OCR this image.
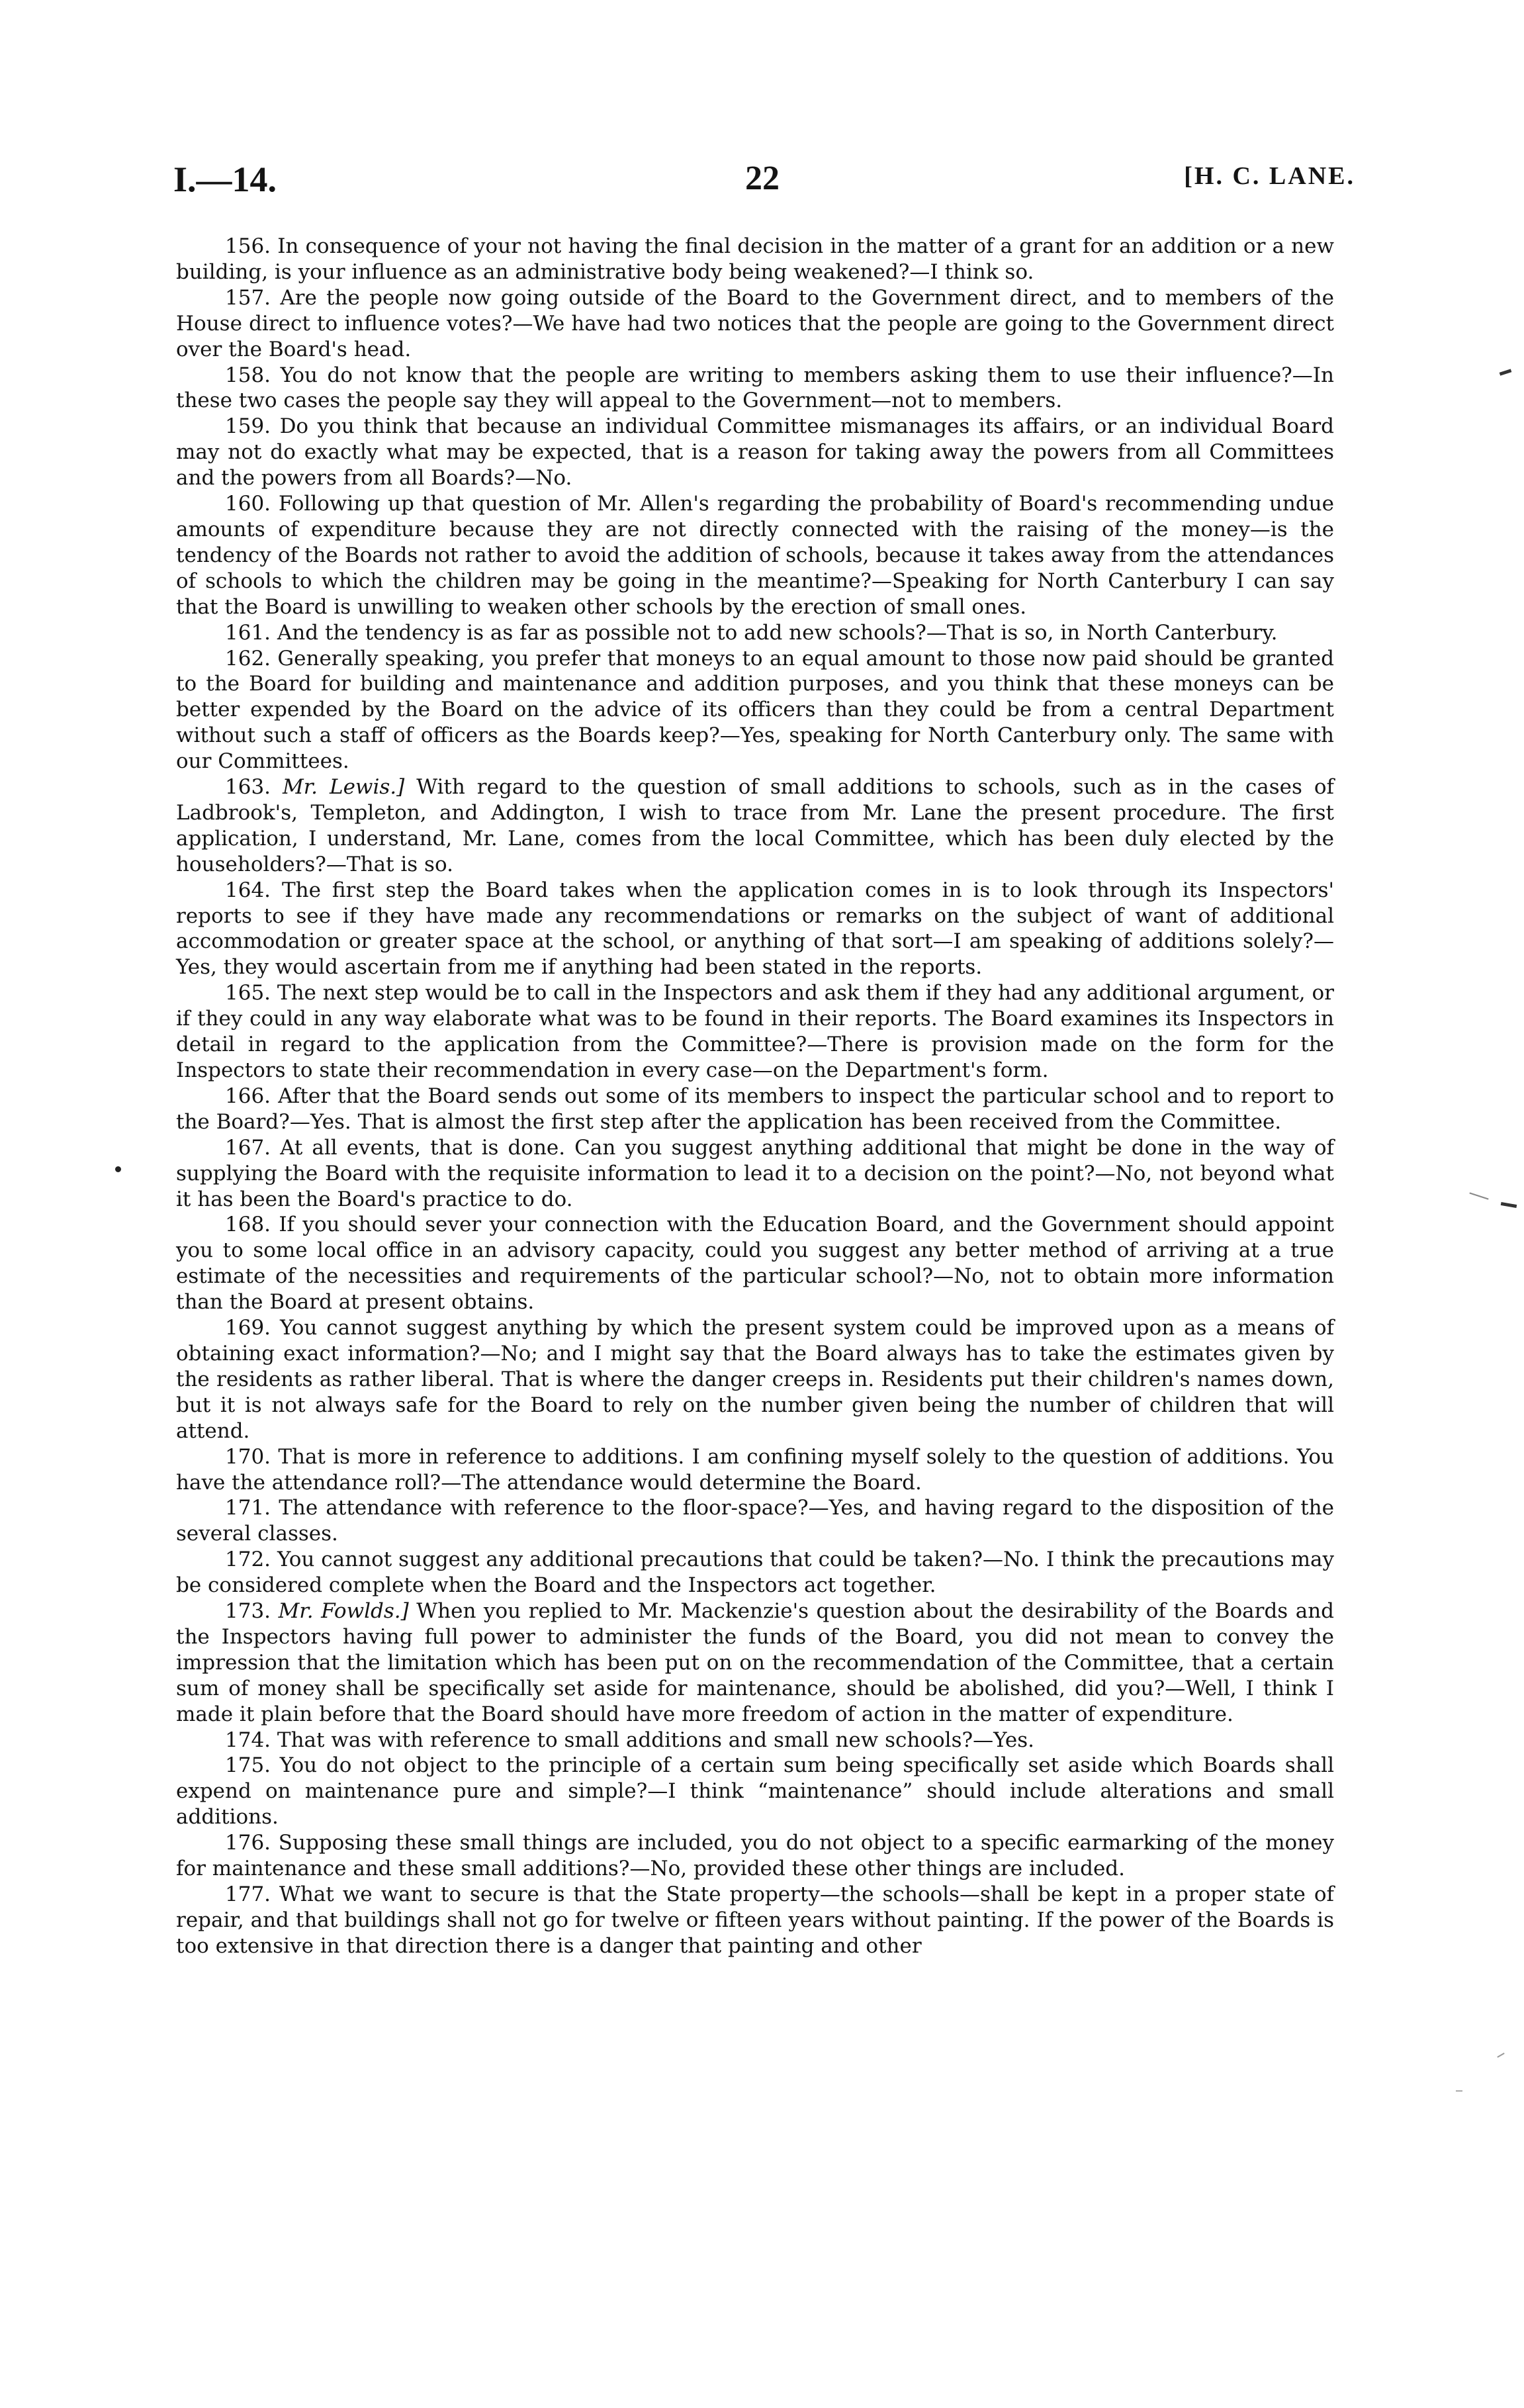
I.—14.	22	[H. C. LANE.

156. In consequence of your not having the final decision in the matter of a grant for an addition or a new building, is your influence as an administrative body being weakened?—I think so.

157. Are the people now going outside of the Board to the Government direct, and to members of the House direct to influence votes?—We have had two notices that the people are going to the Government direct over the Board's head.

158. You do not know that the people are writing to members asking them to use their influence?—In these two cases the people say they will appeal to the Government—not to members.

159. Do you think that because an individual Committee mismanages its affairs, or an individual Board may not do exactly what may be expected, that is a reason for taking away the powers from all Committees and the powers from all Boards?—No.

160. Following up that question of Mr. Allen's regarding the probability of Board's recommending undue amounts of expenditure because they are not directly connected with the raising of the money—is the tendency of the Boards not rather to avoid the addition of schools, because it takes away from the attendances of schools to which the children may be going in the meantime?—Speaking for North Canterbury I can say that the Board is unwilling to weaken other schools by the erection of small ones.

161. And the tendency is as far as possible not to add new schools?—That is so, in North Canterbury.

162. Generally speaking, you prefer that moneys to an equal amount to those now paid should be granted to the Board for building and maintenance and addition purposes, and you think that these moneys can be better expended by the Board on the advice of its officers than they could be from a central Department without such a staff of officers as the Boards keep?—Yes, speaking for North Canterbury only. The same with our Committees.

163. Mr. Lewis.] With regard to the question of small additions to schools, such as in the cases of Ladbrook's, Templeton, and Addington, I wish to trace from Mr. Lane the present procedure. The first application, I understand, Mr. Lane, comes from the local Committee, which has been duly elected by the householders?—That is so.

164. The first step the Board takes when the application comes in is to look through its Inspectors' reports to see if they have made any recommendations or remarks on the subject of want of additional accommodation or greater space at the school, or anything of that sort—I am speaking of additions solely?—Yes, they would ascertain from me if anything had been stated in the reports.

165. The next step would be to call in the Inspectors and ask them if they had any additional argument, or if they could in any way elaborate what was to be found in their reports. The Board examines its Inspectors in detail in regard to the application from the Committee?—There is provision made on the form for the Inspectors to state their recommendation in every case—on the Department's form.

166. After that the Board sends out some of its members to inspect the particular school and to report to the Board?—Yes. That is almost the first step after the application has been received from the Committee.

167. At all events, that is done. Can you suggest anything additional that might be done in the way of supplying the Board with the requisite information to lead it to a decision on the point?—No, not beyond what it has been the Board's practice to do.

168. If you should sever your connection with the Education Board, and the Government should appoint you to some local office in an advisory capacity, could you suggest any better method of arriving at a true estimate of the necessities and requirements of the particular school?—No, not to obtain more information than the Board at present obtains.

169. You cannot suggest anything by which the present system could be improved upon as a means of obtaining exact information?—No; and I might say that the Board always has to take the estimates given by the residents as rather liberal. That is where the danger creeps in. Residents put their children's names down, but it is not always safe for the Board to rely on the number given being the number of children that will attend.

170. That is more in reference to additions. I am confining myself solely to the question of additions. You have the attendance roll?—The attendance would determine the Board.

171. The attendance with reference to the floor-space?—Yes, and having regard to the disposition of the several classes.

172. You cannot suggest any additional precautions that could be taken?—No. I think the precautions may be considered complete when the Board and the Inspectors act together.

173. Mr. Fowlds.] When you replied to Mr. Mackenzie's question about the desirability of the Boards and the Inspectors having full power to administer the funds of the Board, you did not mean to convey the impression that the limitation which has been put on on the recommendation of the Committee, that a certain sum of money shall be specifically set aside for maintenance, should be abolished, did you?—Well, I think I made it plain before that the Board should have more freedom of action in the matter of expenditure.

174. That was with reference to small additions and small new schools?—Yes.

175. You do not object to the principle of a certain sum being specifically set aside which Boards shall expend on maintenance pure and simple?—I think “maintenance” should include alterations and small additions.

176. Supposing these small things are included, you do not object to a specific earmarking of the money for maintenance and these small additions?—No, provided these other things are included.

177. What we want to secure is that the State property—the schools—shall be kept in a proper state of repair, and that buildings shall not go for twelve or fifteen years without painting. If the power of the Boards is too extensive in that direction there is a danger that painting and other
